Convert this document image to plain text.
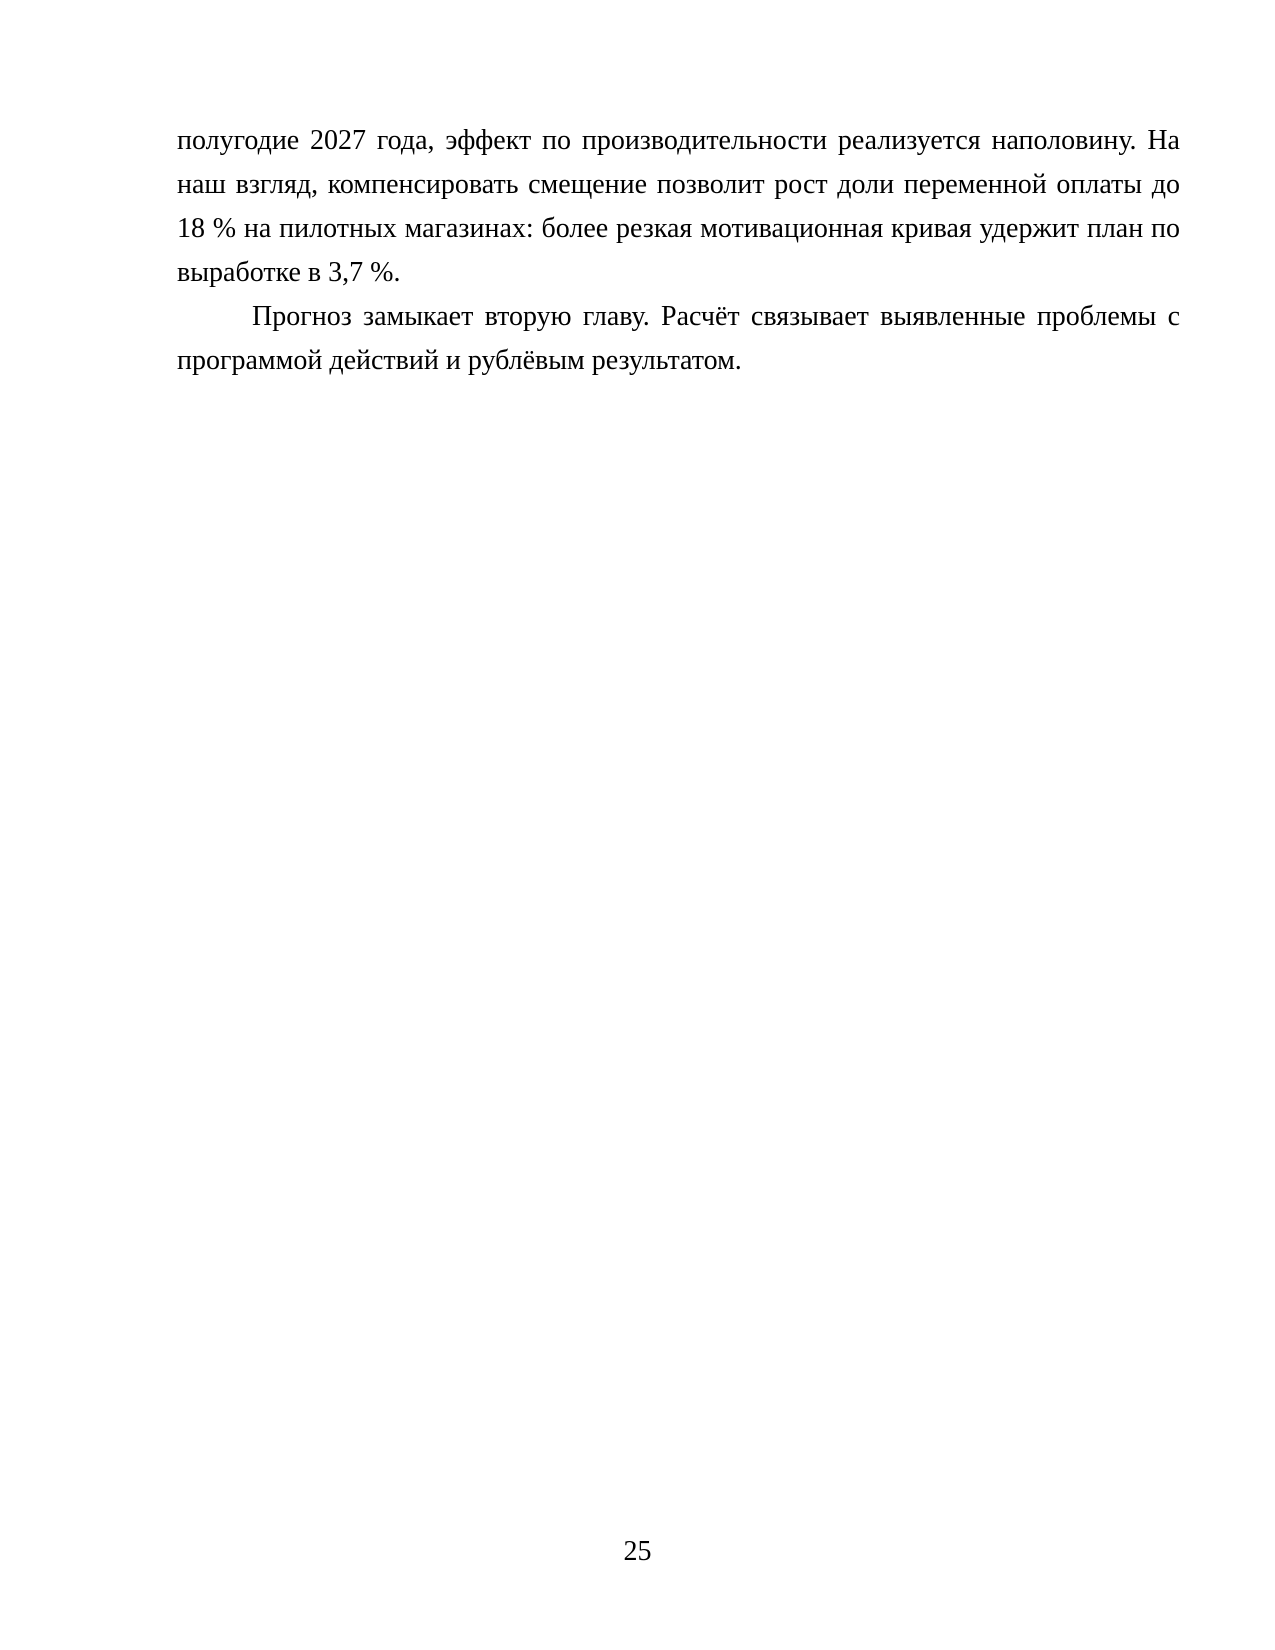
полугодие 2027 года, эффект по производительности реализуется наполовину. На наш взгляд, компенсировать смещение позволит рост доли переменной оплаты до 18 % на пилотных магазинах: более резкая мотивационная кривая удержит план по выработке в 3,7 %.

Прогноз замыкает вторую главу. Расчёт связывает выявленные проблемы с программой действий и рублёвым результатом.

25
